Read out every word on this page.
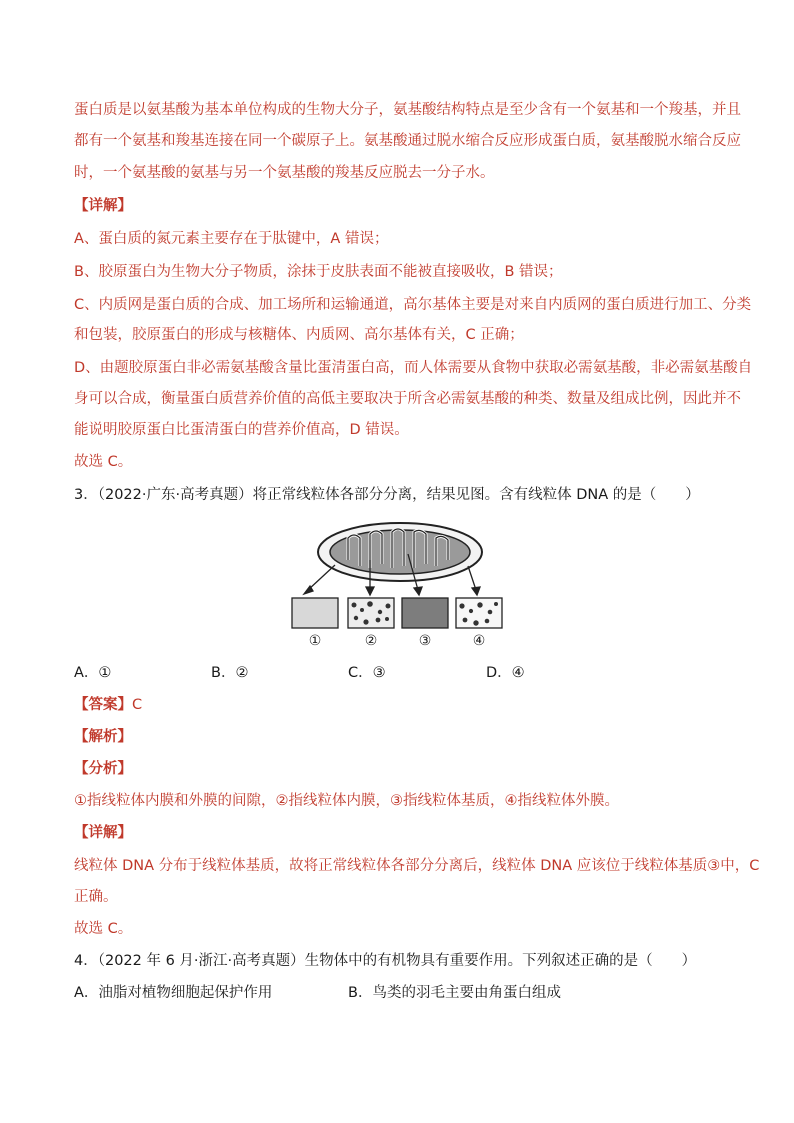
蛋白质是以氨基酸为基本单位构成的生物大分子，氨基酸结构特点是至少含有一个氨基和一个羧基，并且
都有一个氨基和羧基连接在同一个碳原子上。氨基酸通过脱水缩合反应形成蛋白质，氨基酸脱水缩合反应
时，一个氨基酸的氨基与另一个氨基酸的羧基反应脱去一分子水。
【详解】
A、蛋白质的氮元素主要存在于肽键中，A 错误；
B、胶原蛋白为生物大分子物质，涂抹于皮肤表面不能被直接吸收，B 错误；
C、内质网是蛋白质的合成、加工场所和运输通道，高尔基体主要是对来自内质网的蛋白质进行加工、分类
和包装，胶原蛋白的形成与核糖体、内质网、高尔基体有关，C 正确；
D、由题胶原蛋白非必需氨基酸含量比蛋清蛋白高，而人体需要从食物中获取必需氨基酸，非必需氨基酸自
身可以合成，衡量蛋白质营养价值的高低主要取决于所含必需氨基酸的种类、数量及组成比例，因此并不
能说明胶原蛋白比蛋清蛋白的营养价值高，D 错误。
故选 C。
3．（2022·广东·高考真题）将正常线粒体各部分分离，结果见图。含有线粒体 DNA 的是（　　）
①	②	③	④
A．①	B．②	C．③	D．④
【答案】C
【解析】
【分析】
①指线粒体内膜和外膜的间隙，②指线粒体内膜，③指线粒体基质，④指线粒体外膜。
【详解】
线粒体 DNA 分布于线粒体基质，故将正常线粒体各部分分离后，线粒体 DNA 应该位于线粒体基质③中，C
正确。
故选 C。
4．（2022 年 6 月·浙江·高考真题）生物体中的有机物具有重要作用。下列叙述正确的是（　　）
A．油脂对植物细胞起保护作用	B．鸟类的羽毛主要由角蛋白组成
